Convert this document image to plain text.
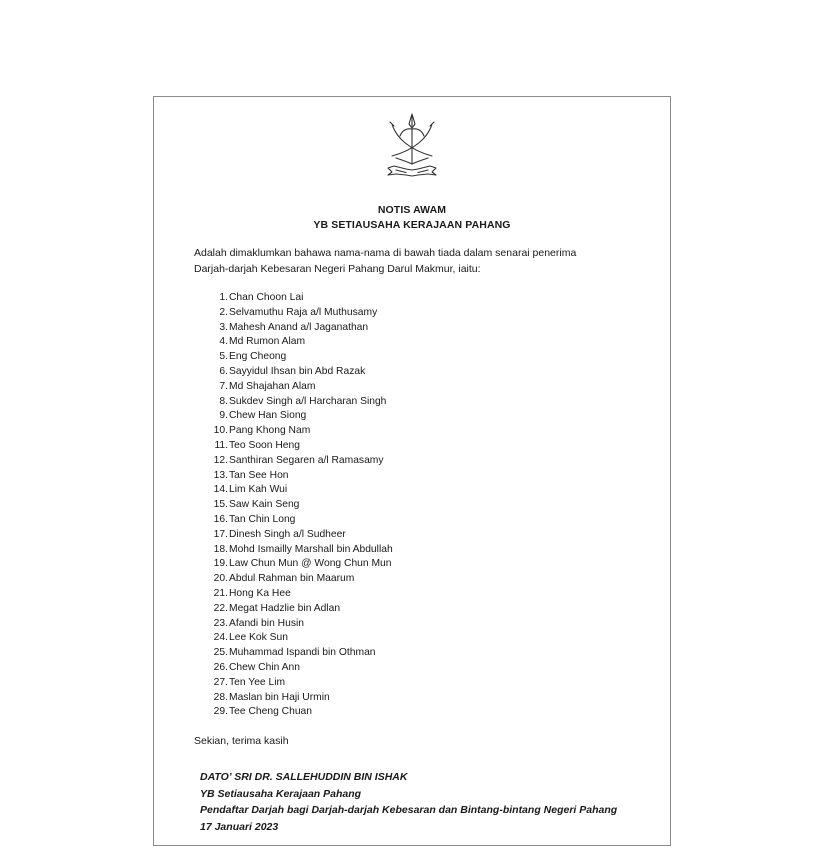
NOTIS AWAM
YB SETIAUSAHA KERAJAAN PAHANG
Adalah dimaklumkan bahawa nama-nama di bawah tiada dalam senarai penerima
Darjah-darjah Kebesaran Negeri Pahang Darul Makmur, iaitu:
1.Chan Choon Lai
2.Selvamuthu Raja a/l Muthusamy
3.Mahesh Anand a/l Jaganathan
4.Md Rumon Alam
5.Eng Cheong
6.Sayyidul Ihsan bin Abd Razak
7.Md Shajahan Alam
8.Sukdev Singh a/l Harcharan Singh
9.Chew Han Siong
10.Pang Khong Nam
11.Teo Soon Heng
12.Santhiran Segaren a/l Ramasamy
13.Tan See Hon
14.Lim Kah Wui
15.Saw Kain Seng
16.Tan Chin Long
17.Dinesh Singh a/l Sudheer
18.Mohd Ismailly Marshall bin Abdullah
19.Law Chun Mun @ Wong Chun Mun
20.Abdul Rahman bin Maarum
21.Hong Ka Hee
22.Megat Hadzlie bin Adlan
23.Afandi bin Husin
24.Lee Kok Sun
25.Muhammad Ispandi bin Othman
26.Chew Chin Ann
27.Ten Yee Lim
28.Maslan bin Haji Urmin
29.Tee Cheng Chuan
Sekian, terima kasih
DATO’ SRI DR. SALLEHUDDIN BIN ISHAK
YB Setiausaha Kerajaan Pahang
Pendaftar Darjah bagi Darjah-darjah Kebesaran dan Bintang-bintang Negeri Pahang
17 Januari 2023
